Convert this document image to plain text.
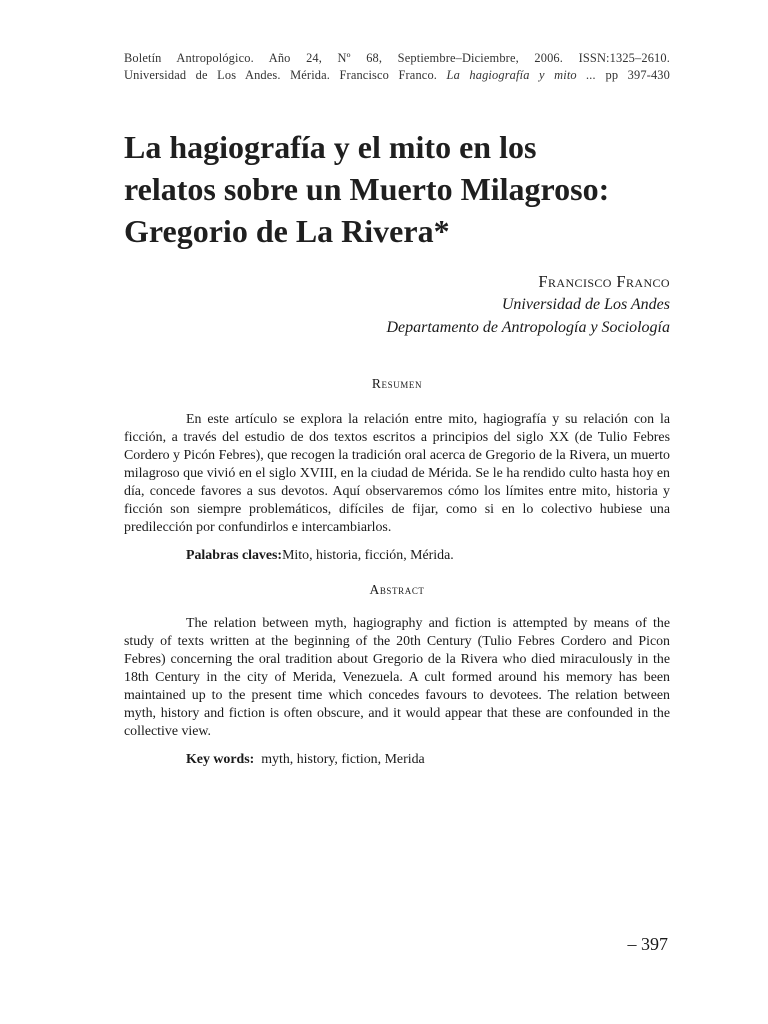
Boletín Antropológico. Año 24, Nº 68, Septiembre–Diciembre, 2006. ISSN:1325–2610.
Universidad de Los Andes. Mérida. Francisco Franco. La hagiografía y mito ... pp 397-430
La hagiografía y el mito en los
relatos sobre un Muerto Milagroso:
Gregorio de La Rivera*
Francisco Franco
Universidad de Los Andes
Departamento de Antropología y Sociología
Resumen

En este artículo se explora la relación entre mito, hagiografía y su relación con la ficción, a través del estudio de dos textos escritos a principios del siglo XX (de Tulio Febres Cordero y Picón Febres), que recogen la tradición oral acerca de Gregorio de la Rivera, un muerto milagroso que vivió en el siglo XVIII, en la ciudad de Mérida. Se le ha rendido culto hasta hoy en día, concede favores a sus devotos. Aquí observaremos cómo los límites entre mito, historia y ficción son siempre problemáticos, difíciles de fijar, como si en lo colectivo hubiese una predilección por confundirlos e intercambiarlos.

Palabras claves:Mito, historia, ficción, Mérida.
Abstract

The relation between myth, hagiography and fiction is attempted by means of the study of texts written at the beginning of the 20th Century (Tulio Febres Cordero and Picon Febres) concerning the oral tradition about Gregorio de la Rivera who died miraculously in the 18th Century in the city of Merida, Venezuela. A cult formed around his memory has been maintained up to the present time which concedes favours to devotees. The relation between myth, history and fiction is often obscure, and it would appear that these are confounded in the collective view.

Key words:  myth, history, fiction, Merida
– 397
